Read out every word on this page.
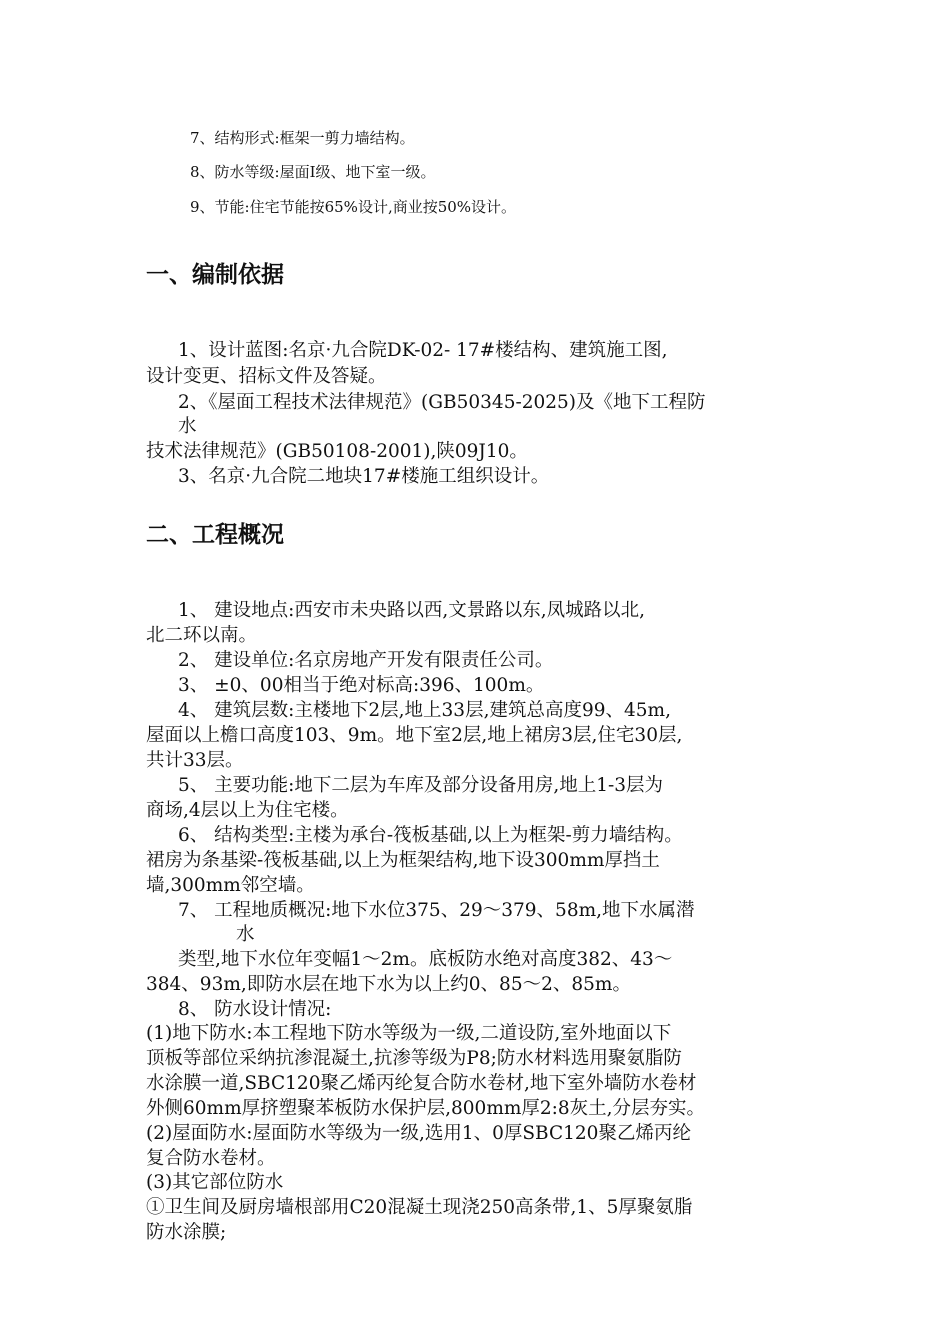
7、结构形式:框架一剪力墙结构。
8、防水等级:屋面Ⅰ级、地下室一级。
9、节能:住宅节能按65%设计,商业按50%设计。
一、编制依据
1、设计蓝图:名京·九合院DK-02- 17#楼结构、建筑施工图,
设计变更、招标文件及答疑。
2、《屋面工程技术法律规范》(GB50345-2025)及《地下工程防
水
技术法律规范》(GB50108-2001),陕09J10。
3、名京·九合院二地块17#楼施工组织设计。
二、工程概况
1、 建设地点:西安市未央路以西,文景路以东,凤城路以北,
北二环以南。
2、 建设单位:名京房地产开发有限责任公司。
3、 ±0、00相当于绝对标高:396、100m。
4、 建筑层数:主楼地下2层,地上33层,建筑总高度99、45m,
屋面以上檐口高度103、9m。地下室2层,地上裙房3层,住宅30层,
共计33层。
5、 主要功能:地下二层为车库及部分设备用房,地上1-3层为
商场,4层以上为住宅楼。
6、 结构类型:主楼为承台-筏板基础,以上为框架-剪力墙结构。
裙房为条基梁-筏板基础,以上为框架结构,地下设300mm厚挡土
墙,300mm邻空墙。
7、 工程地质概况:地下水位375、29～379、58m,地下水属潜
水
类型,地下水位年变幅1～2m。底板防水绝对高度382、43～
384、93m,即防水层在地下水为以上约0、85～2、85m。
8、 防水设计情况:
(1)地下防水:本工程地下防水等级为一级,二道设防,室外地面以下
顶板等部位采纳抗渗混凝土,抗渗等级为P8;防水材料选用聚氨脂防
水涂膜一道,SBC120聚乙烯丙纶复合防水卷材,地下室外墙防水卷材
外侧60mm厚挤塑聚苯板防水保护层,800mm厚2:8灰土,分层夯实。
(2)屋面防水:屋面防水等级为一级,选用1、0厚SBC120聚乙烯丙纶
复合防水卷材。
(3)其它部位防水
①卫生间及厨房墙根部用C20混凝土现浇250高条带,1、5厚聚氨脂
防水涂膜;
